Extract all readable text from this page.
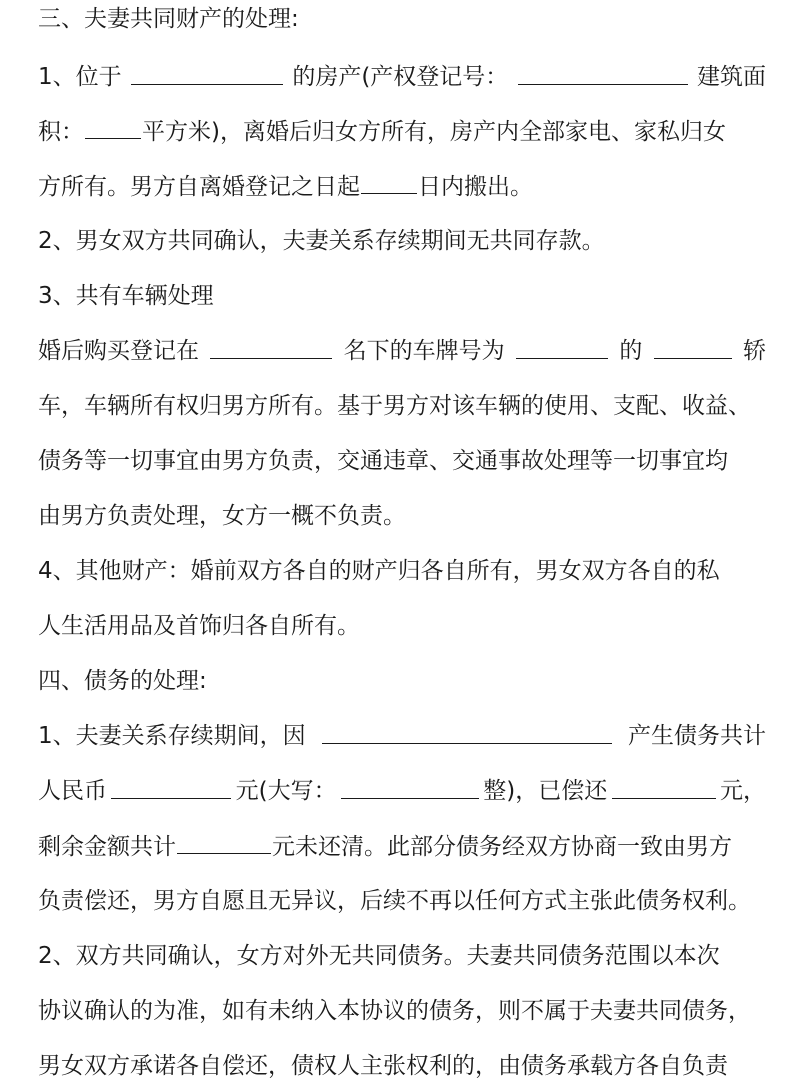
三、夫妻共同财产的处理:
1、位于	的房产(产权登记号：	建筑面
积：	平方米)，离婚后归女方所有，房产内全部家电、家私归女
方所有。男方自离婚登记之日起	日内搬出。
2、男女双方共同确认，夫妻关系存续期间无共同存款。
3、共有车辆处理
婚后购买登记在	名下的车牌号为	的	轿
车，车辆所有权归男方所有。基于男方对该车辆的使用、支配、收益、
债务等一切事宜由男方负责，交通违章、交通事故处理等一切事宜均
由男方负责处理，女方一概不负责。
4、其他财产：婚前双方各自的财产归各自所有，男女双方各自的私
人生活用品及首饰归各自所有。
四、债务的处理:
1、夫妻关系存续期间，因	产生债务共计
人民币	元(大写：	整)，已偿还	元，
剩余金额共计	元未还清。此部分债务经双方协商一致由男方
负责偿还，男方自愿且无异议，后续不再以任何方式主张此债务权利。
2、双方共同确认，女方对外无共同债务。夫妻共同债务范围以本次
协议确认的为准，如有未纳入本协议的债务，则不属于夫妻共同债务，
男女双方承诺各自偿还，债权人主张权利的，由债务承载方各自负责
